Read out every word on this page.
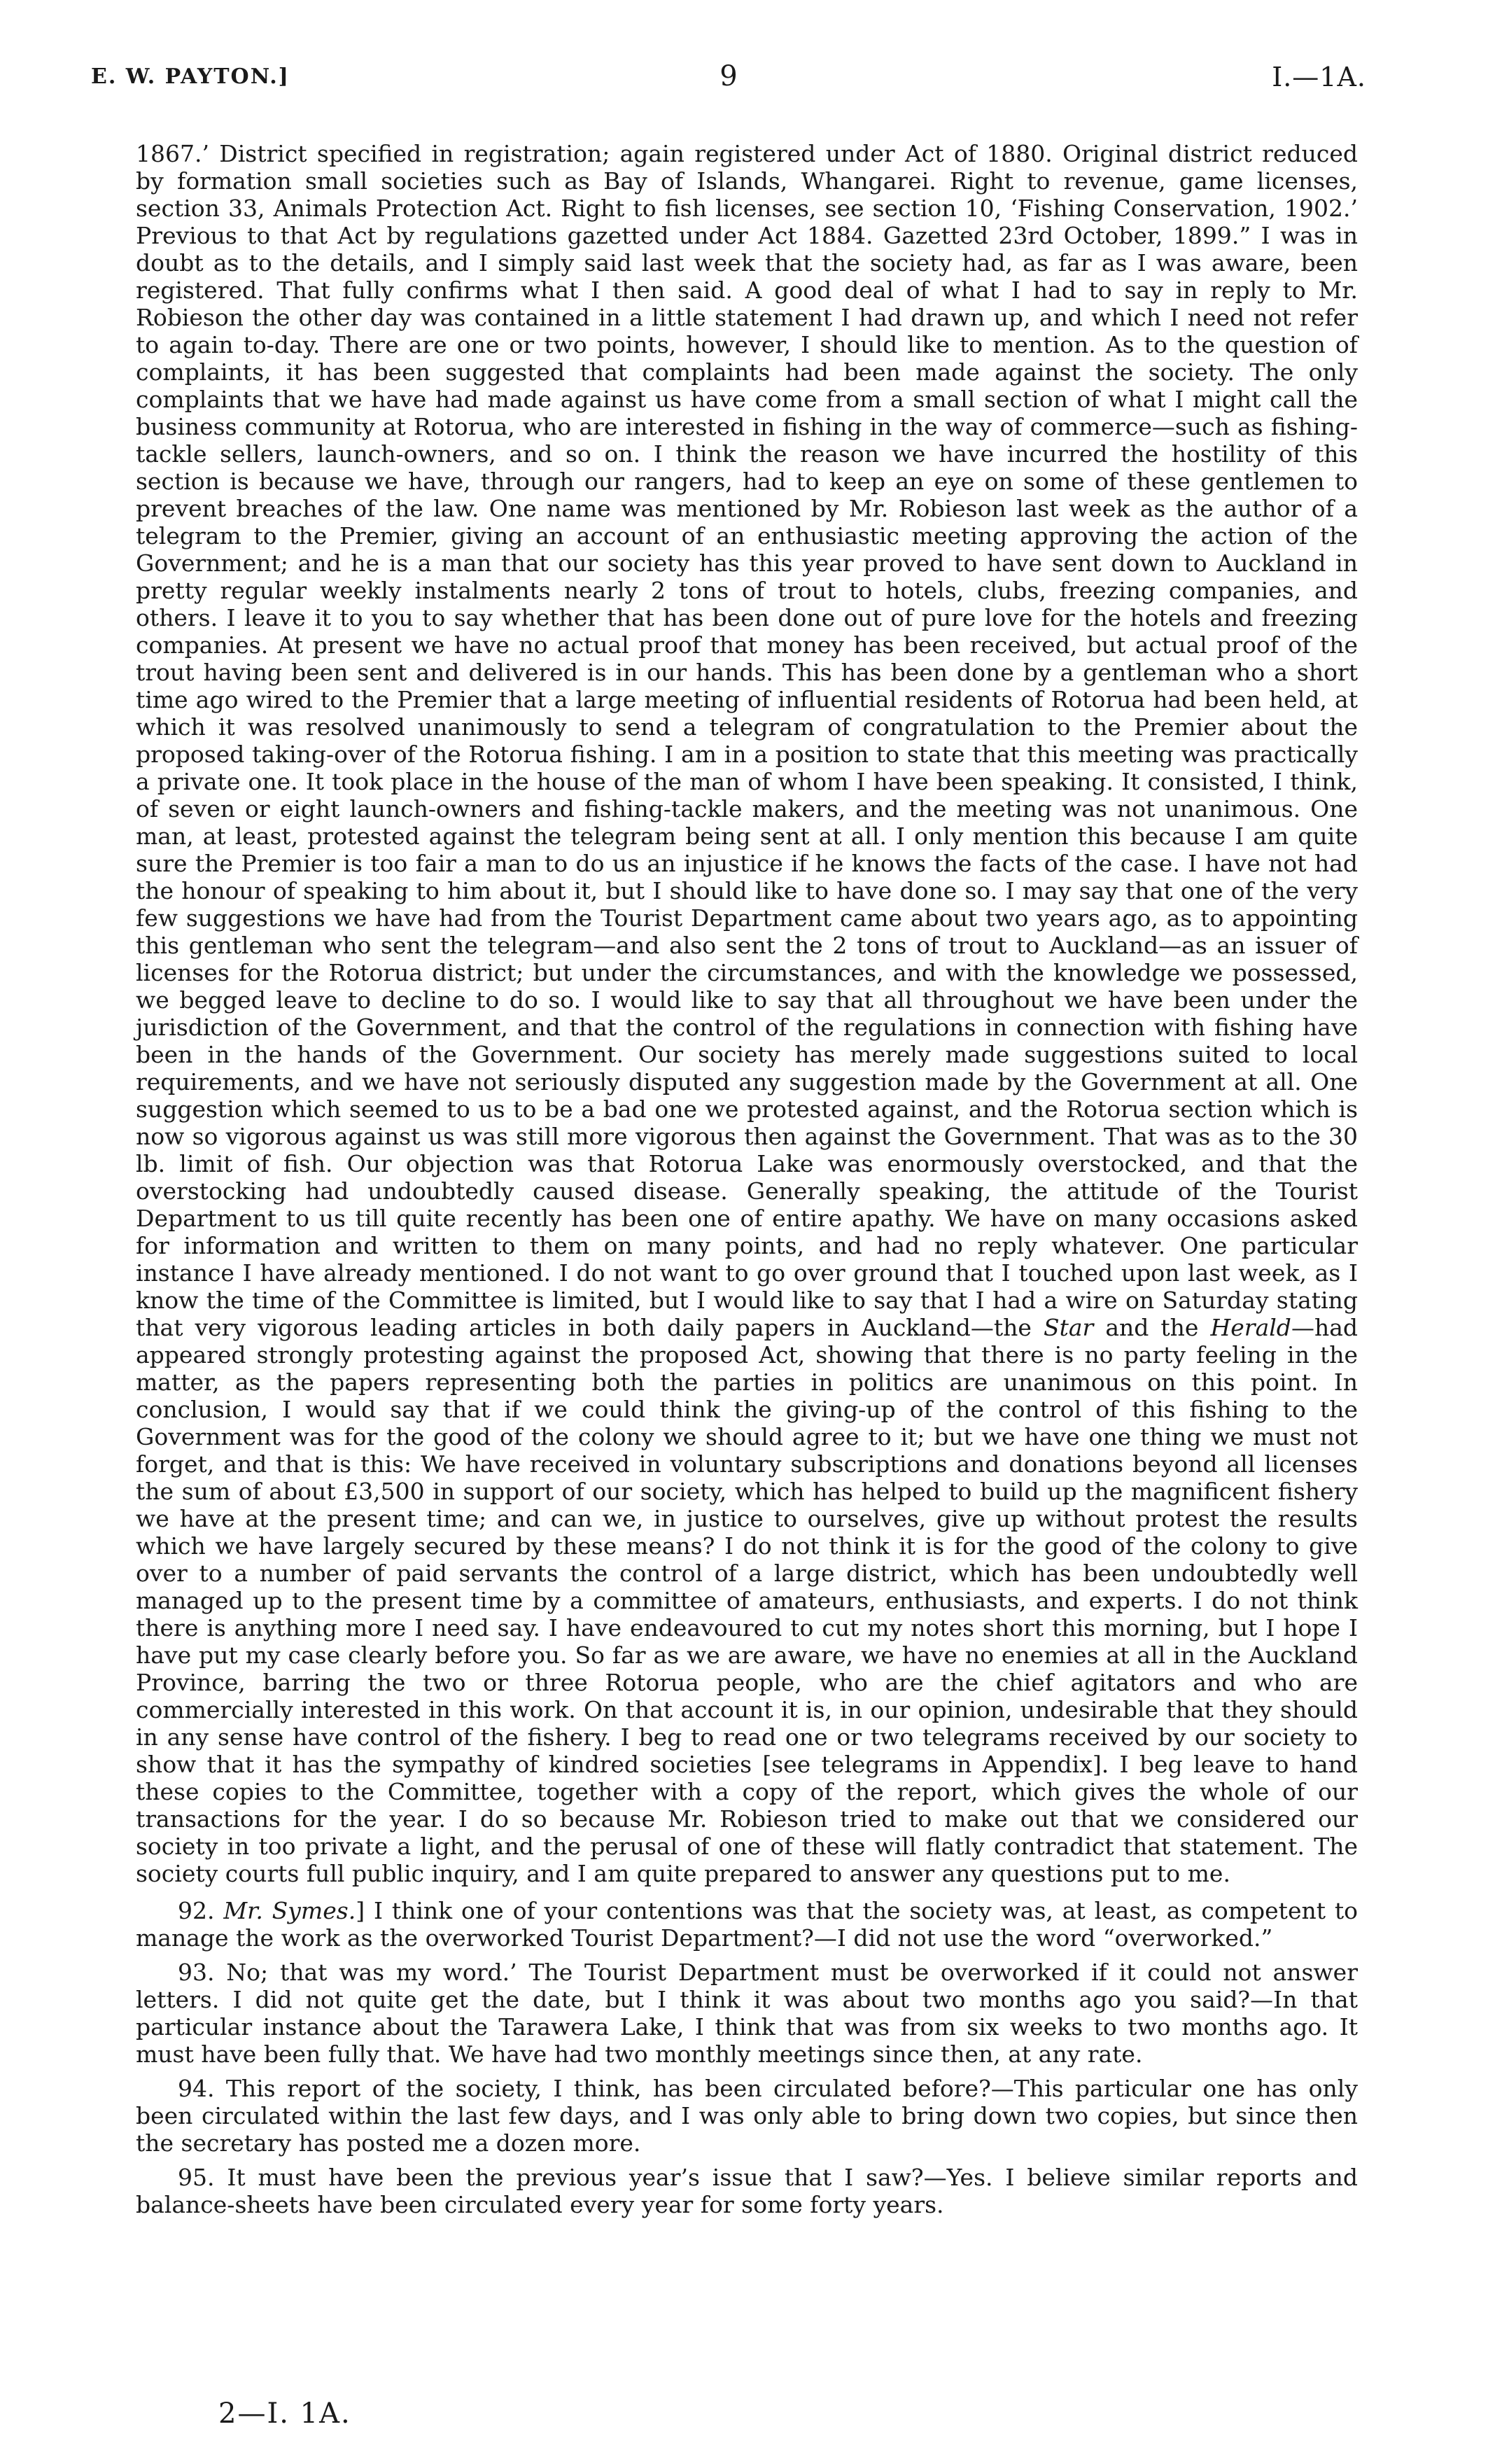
E. W. PAYTON.]	9	I.—1A.

1867.’ District specified in registration; again registered under Act of 1880. Original district reduced by formation small societies such as Bay of Islands, Whangarei. Right to revenue, game licenses, section 33, Animals Protection Act. Right to fish licenses, see section 10, ‘Fishing Conservation, 1902.’ Previous to that Act by regulations gazetted under Act 1884. Gazetted 23rd October, 1899.” I was in doubt as to the details, and I simply said last week that the society had, as far as I was aware, been registered. That fully confirms what I then said. A good deal of what I had to say in reply to Mr. Robieson the other day was contained in a little statement I had drawn up, and which I need not refer to again to-day. There are one or two points, however, I should like to mention. As to the question of complaints, it has been suggested that complaints had been made against the society. The only complaints that we have had made against us have come from a small section of what I might call the business community at Rotorua, who are interested in fishing in the way of commerce—such as fishing-tackle sellers, launch-owners, and so on. I think the reason we have incurred the hostility of this section is because we have, through our rangers, had to keep an eye on some of these gentlemen to prevent breaches of the law. One name was mentioned by Mr. Robieson last week as the author of a telegram to the Premier, giving an account of an enthusiastic meeting approving the action of the Government; and he is a man that our society has this year proved to have sent down to Auckland in pretty regular weekly instalments nearly 2 tons of trout to hotels, clubs, freezing companies, and others. I leave it to you to say whether that has been done out of pure love for the hotels and freezing companies. At present we have no actual proof that money has been received, but actual proof of the trout having been sent and delivered is in our hands. This has been done by a gentleman who a short time ago wired to the Premier that a large meeting of influential residents of Rotorua had been held, at which it was resolved unanimously to send a telegram of congratulation to the Premier about the proposed taking-over of the Rotorua fishing. I am in a position to state that this meeting was practically a private one. It took place in the house of the man of whom I have been speaking. It consisted, I think, of seven or eight launch-owners and fishing-tackle makers, and the meeting was not unanimous. One man, at least, protested against the telegram being sent at all. I only mention this because I am quite sure the Premier is too fair a man to do us an injustice if he knows the facts of the case. I have not had the honour of speaking to him about it, but I should like to have done so. I may say that one of the very few suggestions we have had from the Tourist Department came about two years ago, as to appointing this gentleman who sent the telegram—and also sent the 2 tons of trout to Auckland—as an issuer of licenses for the Rotorua district; but under the circumstances, and with the knowledge we possessed, we begged leave to decline to do so. I would like to say that all throughout we have been under the jurisdiction of the Government, and that the control of the regulations in connection with fishing have been in the hands of the Government. Our society has merely made suggestions suited to local requirements, and we have not seriously disputed any suggestion made by the Government at all. One suggestion which seemed to us to be a bad one we protested against, and the Rotorua section which is now so vigorous against us was still more vigorous then against the Government. That was as to the 30 lb. limit of fish. Our objection was that Rotorua Lake was enormously overstocked, and that the overstocking had undoubtedly caused disease. Generally speaking, the attitude of the Tourist Department to us till quite recently has been one of entire apathy. We have on many occasions asked for information and written to them on many points, and had no reply whatever. One particular instance I have already mentioned. I do not want to go over ground that I touched upon last week, as I know the time of the Committee is limited, but I would like to say that I had a wire on Saturday stating that very vigorous leading articles in both daily papers in Auckland—the Star and the Herald—had appeared strongly protesting against the proposed Act, showing that there is no party feeling in the matter, as the papers representing both the parties in politics are unanimous on this point. In conclusion, I would say that if we could think the giving-up of the control of this fishing to the Government was for the good of the colony we should agree to it; but we have one thing we must not forget, and that is this: We have received in voluntary subscriptions and donations beyond all licenses the sum of about £3,500 in support of our society, which has helped to build up the magnificent fishery we have at the present time; and can we, in justice to ourselves, give up without protest the results which we have largely secured by these means? I do not think it is for the good of the colony to give over to a number of paid servants the control of a large district, which has been undoubtedly well managed up to the present time by a committee of amateurs, enthusiasts, and experts. I do not think there is anything more I need say. I have endeavoured to cut my notes short this morning, but I hope I have put my case clearly before you. So far as we are aware, we have no enemies at all in the Auckland Province, barring the two or three Rotorua people, who are the chief agitators and who are commercially interested in this work. On that account it is, in our opinion, undesirable that they should in any sense have control of the fishery. I beg to read one or two telegrams received by our society to show that it has the sympathy of kindred societies [see telegrams in Appendix]. I beg leave to hand these copies to the Committee, together with a copy of the report, which gives the whole of our transactions for the year. I do so because Mr. Robieson tried to make out that we considered our society in too private a light, and the perusal of one of these will flatly contradict that statement. The society courts full public inquiry, and I am quite prepared to answer any questions put to me.

92. Mr. Symes.] I think one of your contentions was that the society was, at least, as competent to manage the work as the overworked Tourist Department?—I did not use the word “overworked.”

93. No; that was my word.’ The Tourist Department must be overworked if it could not answer letters. I did not quite get the date, but I think it was about two months ago you said?—In that particular instance about the Tarawera Lake, I think that was from six weeks to two months ago. It must have been fully that. We have had two monthly meetings since then, at any rate.

94. This report of the society, I think, has been circulated before?—This particular one has only been circulated within the last few days, and I was only able to bring down two copies, but since then the secretary has posted me a dozen more.

95. It must have been the previous year’s issue that I saw?—Yes. I believe similar reports and balance-sheets have been circulated every year for some forty years.

2—I. 1A.
